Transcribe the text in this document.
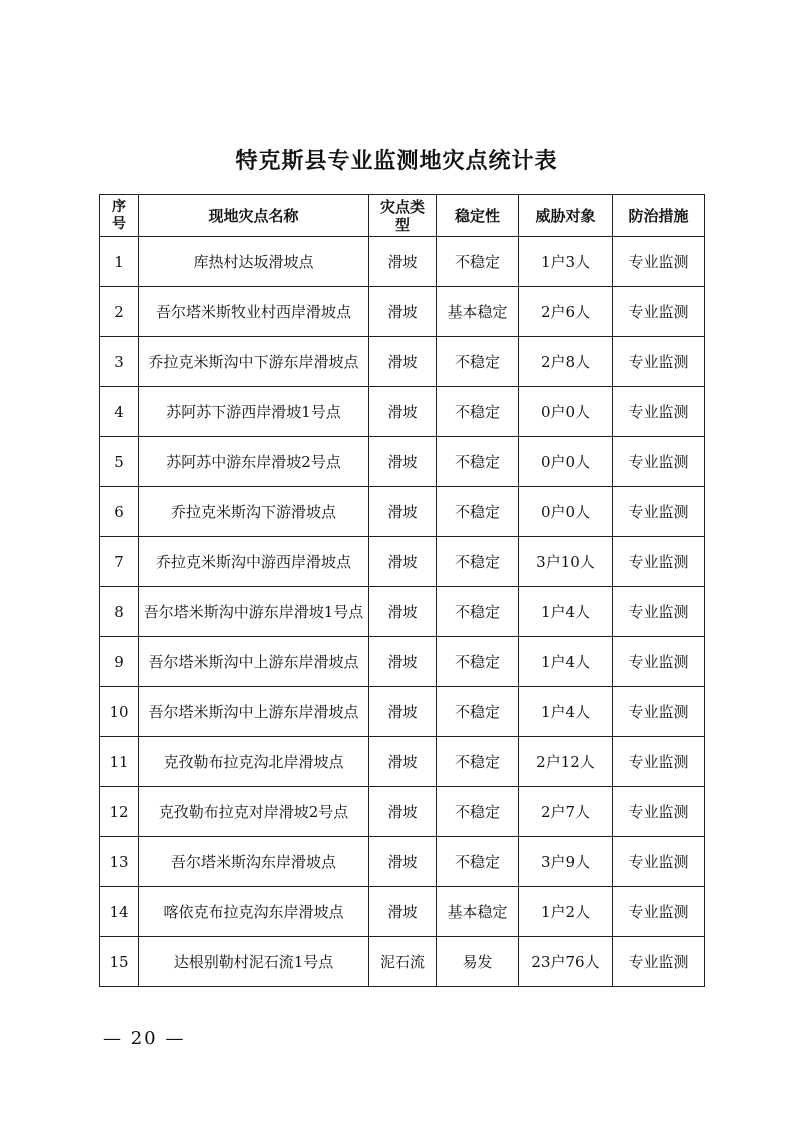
特克斯县专业监测地灾点统计表
序号	现地灾点名称	灾点类型	稳定性	威胁对象	防治措施
1	库热村达坂滑坡点	滑坡	不稳定	1户3人	专业监测
2	吾尔塔米斯牧业村西岸滑坡点	滑坡	基本稳定	2户6人	专业监测
3	乔拉克米斯沟中下游东岸滑坡点	滑坡	不稳定	2户8人	专业监测
4	苏阿苏下游西岸滑坡1号点	滑坡	不稳定	0户0人	专业监测
5	苏阿苏中游东岸滑坡2号点	滑坡	不稳定	0户0人	专业监测
6	乔拉克米斯沟下游滑坡点	滑坡	不稳定	0户0人	专业监测
7	乔拉克米斯沟中游西岸滑坡点	滑坡	不稳定	3户10人	专业监测
8	吾尔塔米斯沟中游东岸滑坡1号点	滑坡	不稳定	1户4人	专业监测
9	吾尔塔米斯沟中上游东岸滑坡点	滑坡	不稳定	1户4人	专业监测
10	吾尔塔米斯沟中上游东岸滑坡点	滑坡	不稳定	1户4人	专业监测
11	克孜勒布拉克沟北岸滑坡点	滑坡	不稳定	2户12人	专业监测
12	克孜勒布拉克对岸滑坡2号点	滑坡	不稳定	2户7人	专业监测
13	吾尔塔米斯沟东岸滑坡点	滑坡	不稳定	3户9人	专业监测
14	喀依克布拉克沟东岸滑坡点	滑坡	基本稳定	1户2人	专业监测
15	达根别勒村泥石流1号点	泥石流	易发	23户76人	专业监测
— 20 —
